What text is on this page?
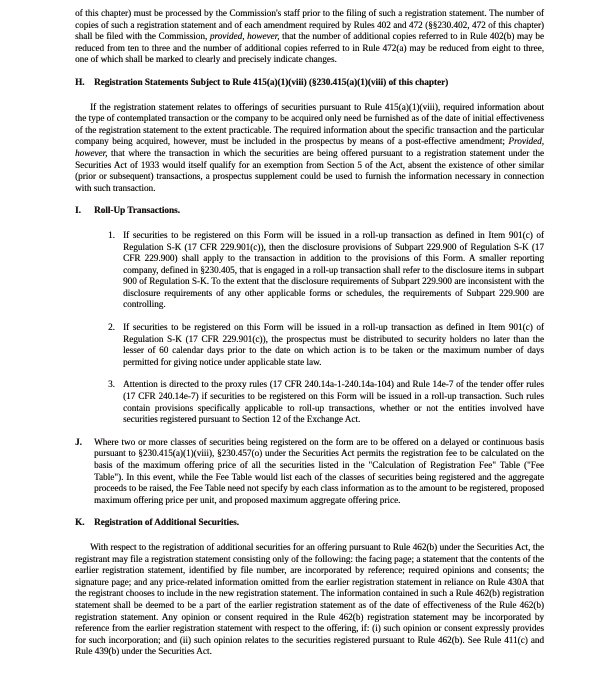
of this chapter) must be processed by the Commission's staff prior to the filing of such a registration statement. The number of copies of such a registration statement and of each amendment required by Rules 402 and 472 (§§230.402, 472 of this chapter) shall be filed with the Commission, provided, however, that the number of additional copies referred to in Rule 402(b) may be reduced from ten to three and the number of additional copies referred to in Rule 472(a) may be reduced from eight to three, one of which shall be marked to clearly and precisely indicate changes.

H. Registration Statements Subject to Rule 415(a)(1)(viii) (§230.415(a)(1)(viii) of this chapter)

If the registration statement relates to offerings of securities pursuant to Rule 415(a)(1)(viii), required information about the type of contemplated transaction or the company to be acquired only need be furnished as of the date of initial effectiveness of the registration statement to the extent practicable. The required information about the specific transaction and the particular company being acquired, however, must be included in the prospectus by means of a post-effective amendment; Provided, however, that where the transaction in which the securities are being offered pursuant to a registration statement under the Securities Act of 1933 would itself qualify for an exemption from Section 5 of the Act, absent the existence of other similar (prior or subsequent) transactions, a prospectus supplement could be used to furnish the information necessary in connection with such transaction.

I. Roll-Up Transactions.
1. If securities to be registered on this Form will be issued in a roll-up transaction as defined in Item 901(c) of Regulation S-K (17 CFR 229.901(c)), then the disclosure provisions of Subpart 229.900 of Regulation S-K (17 CFR 229.900) shall apply to the transaction in addition to the provisions of this Form. A smaller reporting company, defined in §230.405, that is engaged in a roll-up transaction shall refer to the disclosure items in subpart 900 of Regulation S-K. To the extent that the disclosure requirements of Subpart 229.900 are inconsistent with the disclosure requirements of any other applicable forms or schedules, the requirements of Subpart 229.900 are controlling.
2. If securities to be registered on this Form will be issued in a roll-up transaction as defined in Item 901(c) of Regulation S-K (17 CFR 229.901(c)), the prospectus must be distributed to security holders no later than the lesser of 60 calendar days prior to the date on which action is to be taken or the maximum number of days permitted for giving notice under applicable state law.
3. Attention is directed to the proxy rules (17 CFR 240.14a-1-240.14a-104) and Rule 14e-7 of the tender offer rules (17 CFR 240.14e-7) if securities to be registered on this Form will be issued in a roll-up transaction. Such rules contain provisions specifically applicable to roll-up transactions, whether or not the entities involved have securities registered pursuant to Section 12 of the Exchange Act.
J. Where two or more classes of securities being registered on the form are to be offered on a delayed or continuous basis pursuant to §230.415(a)(1)(viii), §230.457(o) under the Securities Act permits the registration fee to be calculated on the basis of the maximum offering price of all the securities listed in the "Calculation of Registration Fee" Table ("Fee Table"). In this event, while the Fee Table would list each of the classes of securities being registered and the aggregate proceeds to be raised, the Fee Table need not specify by each class information as to the amount to be registered, proposed maximum offering price per unit, and proposed maximum aggregate offering price.
K. Registration of Additional Securities.

With respect to the registration of additional securities for an offering pursuant to Rule 462(b) under the Securities Act, the registrant may file a registration statement consisting only of the following: the facing page; a statement that the contents of the earlier registration statement, identified by file number, are incorporated by reference; required opinions and consents; the signature page; and any price-related information omitted from the earlier registration statement in reliance on Rule 430A that the registrant chooses to include in the new registration statement. The information contained in such a Rule 462(b) registration statement shall be deemed to be a part of the earlier registration statement as of the date of effectiveness of the Rule 462(b) registration statement. Any opinion or consent required in the Rule 462(b) registration statement may be incorporated by reference from the earlier registration statement with respect to the offering, if: (i) such opinion or consent expressly provides for such incorporation; and (ii) such opinion relates to the securities registered pursuant to Rule 462(b). See Rule 411(c) and Rule 439(b) under the Securities Act.
